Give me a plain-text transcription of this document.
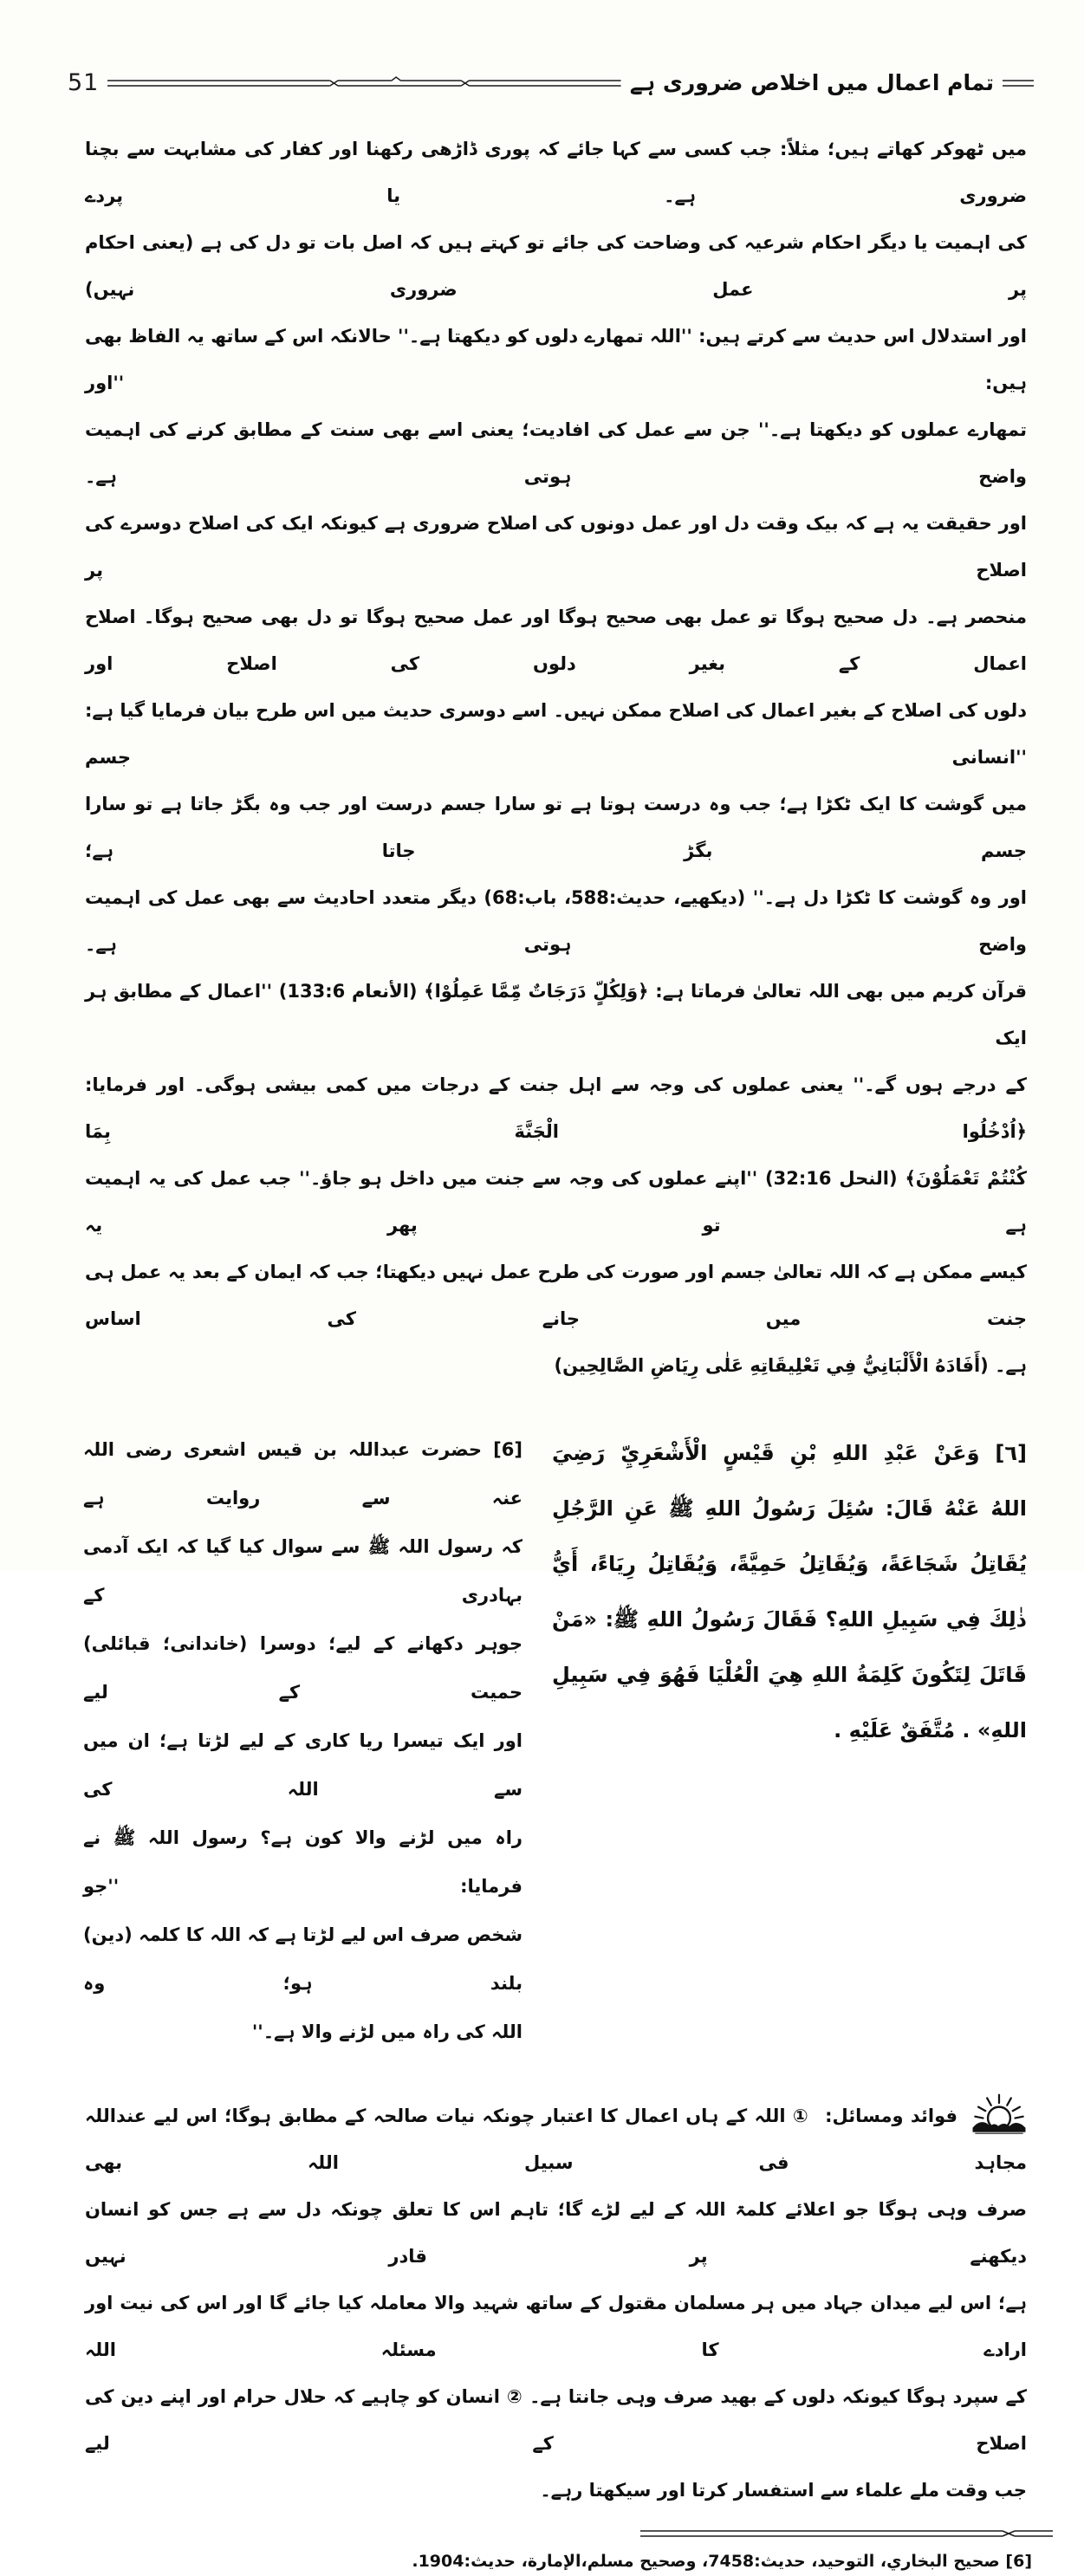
51	تمام اعمال میں اخلاص ضروری ہے
میں ٹھوکر کھاتے ہیں؛ مثلاً: جب کسی سے کہا جائے کہ پوری ڈاڑھی رکھنا اور کفار کی مشابہت سے بچنا ضروری ہے۔ یا پردے
کی اہمیت یا دیگر احکام شرعیہ کی وضاحت کی جائے تو کہتے ہیں کہ اصل بات تو دل کی ہے (یعنی احکام پر عمل ضروری نہیں)
اور استدلال اس حدیث سے کرتے ہیں: ''اللہ تمھارے دلوں کو دیکھتا ہے۔'' حالانکہ اس کے ساتھ یہ الفاظ بھی ہیں: ''اور
تمھارے عملوں کو دیکھتا ہے۔'' جن سے عمل کی افادیت؛ یعنی اسے بھی سنت کے مطابق کرنے کی اہمیت واضح ہوتی ہے۔
اور حقیقت یہ ہے کہ بیک وقت دل اور عمل دونوں کی اصلاح ضروری ہے کیونکہ ایک کی اصلاح دوسرے کی اصلاح پر
منحصر ہے۔ دل صحیح ہوگا تو عمل بھی صحیح ہوگا اور عمل صحیح ہوگا تو دل بھی صحیح ہوگا۔ اصلاح اعمال کے بغیر دلوں کی اصلاح اور
دلوں کی اصلاح کے بغیر اعمال کی اصلاح ممکن نہیں۔ اسے دوسری حدیث میں اس طرح بیان فرمایا گیا ہے: ''انسانی جسم
میں گوشت کا ایک ٹکڑا ہے؛ جب وہ درست ہوتا ہے تو سارا جسم درست اور جب وہ بگڑ جاتا ہے تو سارا جسم بگڑ جاتا ہے؛
اور وہ گوشت کا ٹکڑا دل ہے۔'' (دیکھیے، حدیث:588، باب:68) دیگر متعدد احادیث سے بھی عمل کی اہمیت واضح ہوتی ہے۔
قرآن کریم میں بھی اللہ تعالیٰ فرماتا ہے: ﴿وَلِكُلٍّ دَرَجَاتٌ مِّمَّا عَمِلُوْا﴾ (الأنعام 133:6) ''اعمال کے مطابق ہر ایک
کے درجے ہوں گے۔'' یعنی عملوں کی وجہ سے اہل جنت کے درجات میں کمی بیشی ہوگی۔ اور فرمایا: ﴿اُدْخُلُوا الْجَنَّةَ بِمَا
كُنْتُمْ تَعْمَلُوْنَ﴾ (النحل 32:16) ''اپنے عملوں کی وجہ سے جنت میں داخل ہو جاؤ۔'' جب عمل کی یہ اہمیت ہے تو پھر یہ
کیسے ممکن ہے کہ اللہ تعالیٰ جسم اور صورت کی طرح عمل نہیں دیکھتا؛ جب کہ ایمان کے بعد یہ عمل ہی جنت میں جانے کی اساس
ہے۔ (أَفَادَهُ الْأَلْبَانِيُّ فِي تَعْلِيقَاتِهِ عَلٰى رِيَاضِ الصَّالِحِين)
[٦] وَعَنْ عَبْدِ اللهِ بْنِ قَيْسٍ الْأَشْعَرِيِّ رَضِيَ
اللهُ عَنْهُ قَالَ: سُئِلَ رَسُولُ اللهِ ﷺ عَنِ الرَّجُلِ
يُقَاتِلُ شَجَاعَةً، وَيُقَاتِلُ حَمِيَّةً، وَيُقَاتِلُ رِيَاءً، أَيُّ
ذٰلِكَ فِي سَبِيلِ اللهِ؟ فَقَالَ رَسُولُ اللهِ ﷺ: «مَنْ
قَاتَلَ لِتَكُونَ كَلِمَةُ اللهِ هِيَ الْعُلْيَا فَهُوَ فِي سَبِيلِ
اللهِ» . مُتَّفَقٌ عَلَيْهِ .
[6] حضرت عبداللہ بن قیس اشعری رضی اللہ عنہ سے روایت ہے
کہ رسول اللہ ﷺ سے سوال کیا گیا کہ ایک آدمی بہادری کے
جوہر دکھانے کے لیے؛ دوسرا (خاندانی؛ قبائلی) حمیت کے لیے
اور ایک تیسرا ریا کاری کے لیے لڑتا ہے؛ ان میں سے اللہ کی
راہ میں لڑنے والا کون ہے؟ رسول اللہ ﷺ نے فرمایا: ''جو
شخص صرف اس لیے لڑتا ہے کہ اللہ کا کلمہ (دین) بلند ہو؛ وہ
اللہ کی راہ میں لڑنے والا ہے۔''
فوائد ومسائل: ① اللہ کے ہاں اعمال کا اعتبار چونکہ نیات صالحہ کے مطابق ہوگا؛ اس لیے عنداللہ مجاہد فی سبیل اللہ بھی
صرف وہی ہوگا جو اعلائے کلمۃ اللہ کے لیے لڑے گا؛ تاہم اس کا تعلق چونکہ دل سے ہے جس کو انسان دیکھنے پر قادر نہیں
ہے؛ اس لیے میدان جہاد میں ہر مسلمان مقتول کے ساتھ شہید والا معاملہ کیا جائے گا اور اس کی نیت اور ارادے کا مسئلہ اللہ
کے سپرد ہوگا کیونکہ دلوں کے بھید صرف وہی جانتا ہے۔ ② انسان کو چاہیے کہ حلال حرام اور اپنے دین کی اصلاح کے لیے
جب وقت ملے علماء سے استفسار کرتا اور سیکھتا رہے۔
[6] صحيح البخاري، التوحيد، حديث:7458، وصحيح مسلم،الإمارة، حديث:1904.
